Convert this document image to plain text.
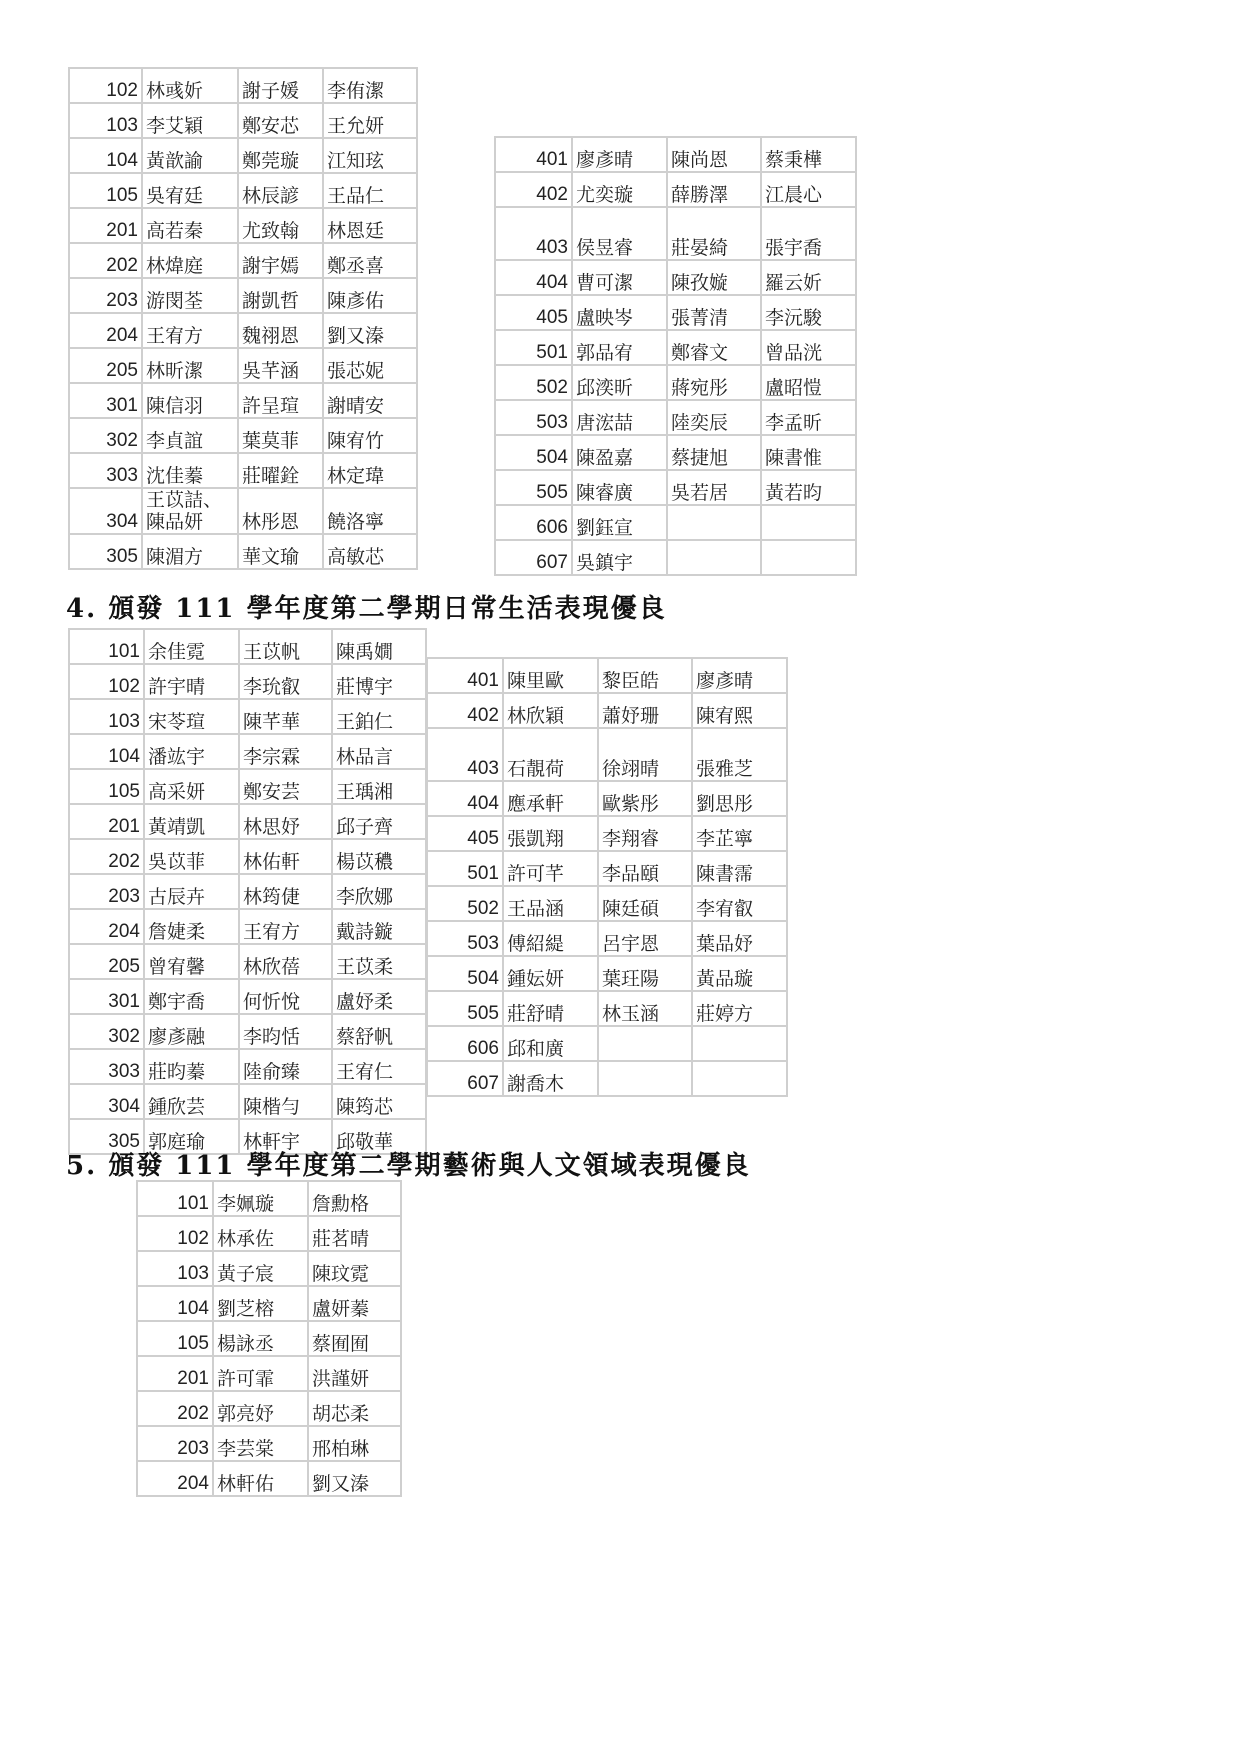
102	林彧妡	謝子媛	李侑潔
103	李艾穎	鄭安芯	王允妍
104	黃歆諭	鄭莞璇	江知玹
105	吳宥廷	林辰諺	王品仁
201	高若秦	尤致翰	林恩廷
202	林煒庭	謝宇嫣	鄭丞喜
203	游閔荃	謝凱哲	陳彥佑
204	王宥方	魏祤恩	劉又溱
205	林昕潔	吳芊涵	張芯妮
301	陳信羽	許呈瑄	謝晴安
302	李貞誼	葉莫菲	陳宥竹
303	沈佳蓁	莊曜銓	林定瑋
304	王苡詰、陳品妍	林彤恩	饒洛寧
305	陳湄方	華文瑜	高敏芯
401	廖彥晴	陳尚恩	蔡秉樺
402	尤奕璇	薛勝澤	江晨心
403	侯昱睿	莊晏綺	張宇喬
404	曹可潔	陳孜嫙	羅云妡
405	盧映岑	張菁清	李沅駿
501	郭品宥	鄭睿文	曾品洸
502	邱湙昕	蔣宛彤	盧昭愷
503	唐浤喆	陸奕辰	李孟昕
504	陳盈嘉	蔡捷旭	陳書惟
505	陳睿廣	吳若居	黃若昀
606	劉鈺宣		
607	吳鎮宇		
4. 頒發 111 學年度第二學期日常生活表現優良
101	余佳霓	王苡帆	陳禹嫺
102	許宇晴	李玧叡	莊博宇
103	宋苓瑄	陳芊華	王鉑仁
104	潘竑宇	李宗霖	林品言
105	高采妍	鄭安芸	王瑀湘
201	黃靖凱	林思妤	邱子齊
202	吳苡菲	林佑軒	楊苡穠
203	古辰卉	林筠倢	李欣娜
204	詹婕柔	王宥方	戴詩鏇
205	曾宥馨	林欣蓓	王苡柔
301	鄭宇喬	何忻悅	盧妤柔
302	廖彥融	李昀恬	蔡舒帆
303	莊昀蓁	陸俞臻	王宥仁
304	鍾欣芸	陳楷勻	陳筠芯
305	郭庭瑜	林軒宇	邱敬華
401	陳里歐	黎臣皓	廖彥晴
402	林欣穎	蕭妤珊	陳宥熙
403	石靚荷	徐翊晴	張雅芝
404	應承軒	歐紫彤	劉思彤
405	張凱翔	李翔睿	李芷寧
501	許可芊	李品頤	陳書霈
502	王品涵	陳廷碩	李宥叡
503	傅紹緹	呂宇恩	葉品妤
504	鍾妘妍	葉玨陽	黃品璇
505	莊舒晴	林玉涵	莊婷方
606	邱和廣		
607	謝喬木		
5. 頒發 111 學年度第二學期藝術與人文領域表現優良
101	李姵璇	詹勳格
102	林承佐	莊茗晴
103	黃子宸	陳玟霓
104	劉芝榕	盧妍蓁
105	楊詠丞	蔡囿囿
201	許可霏	洪謹妍
202	郭亮妤	胡芯柔
203	李芸棠	邢柏琳
204	林軒佑	劉又溱
